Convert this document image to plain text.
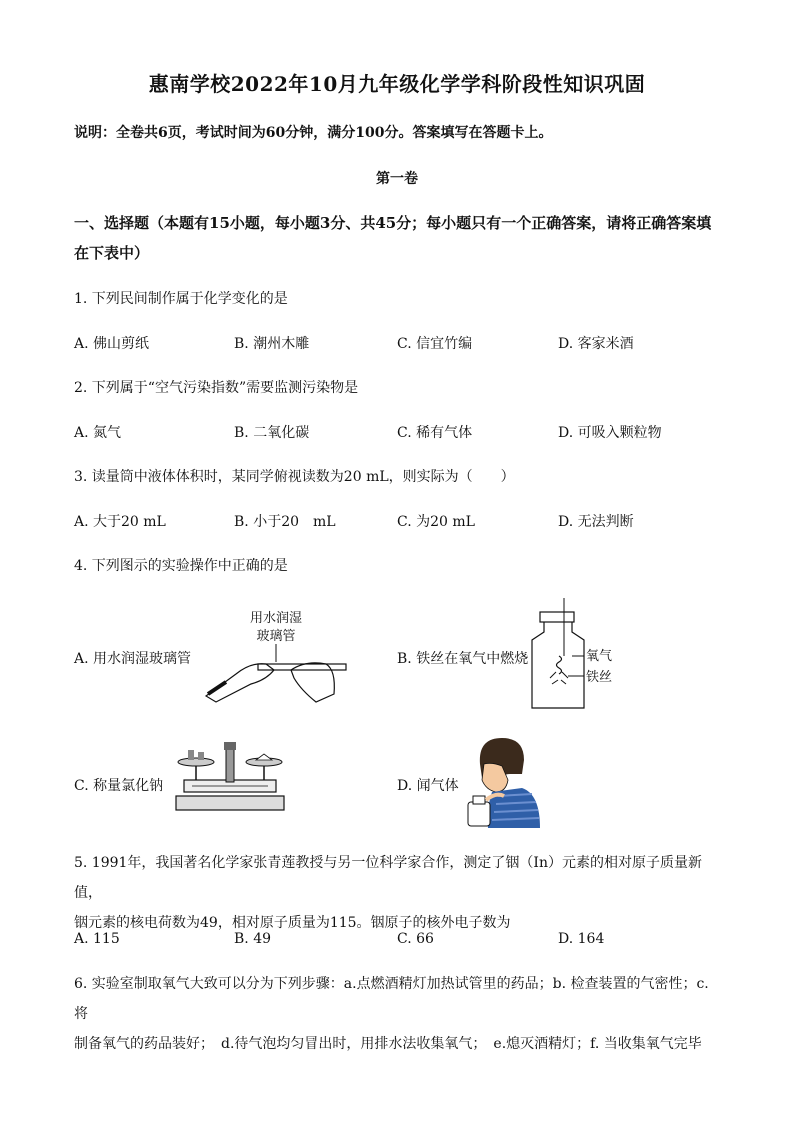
惠南学校2022年10月九年级化学学科阶段性知识巩固
说明：全卷共6页，考试时间为60分钟，满分100分。答案填写在答题卡上。
第一卷
一、选择题（本题有15小题，每小题3分、共45分；每小题只有一个正确答案，请将正确答案填在下表中）
1. 下列民间制作属于化学变化的是
A. 佛山剪纸	B. 潮州木雕	C. 信宜竹编	D. 客家米酒
2. 下列属于“空气污染指数”需要监测污染物是
A. 氮气	B. 二氧化碳	C. 稀有气体	D. 可吸入颗粒物
3. 读量筒中液体体积时，某同学俯视读数为20 mL，则实际为（　　）
A. 大于20 mL	B. 小于20　mL	C. 为20 mL	D. 无法判断
4. 下列图示的实验操作中正确的是
A. 用水润湿玻璃管
用水润湿
玻璃管
B. 铁丝在氧气中燃烧	氧气
铁丝
C. 称量氯化钠	D. 闻气体
5. 1991年，我国著名化学家张青莲教授与另一位科学家合作，测定了铟（In）元素的相对原子质量新值，
铟元素的核电荷数为49，相对原子质量为115。铟原子的核外电子数为
A. 115	B. 49	C. 66	D. 164
6. 实验室制取氧气大致可以分为下列步骤：a.点燃酒精灯加热试管里的药品；b. 检查装置的气密性；c. 将
制备氧气的药品装好；　d.待气泡均匀冒出时，用排水法收集氧气；　e.熄灭酒精灯；f. 当收集氧气完毕
